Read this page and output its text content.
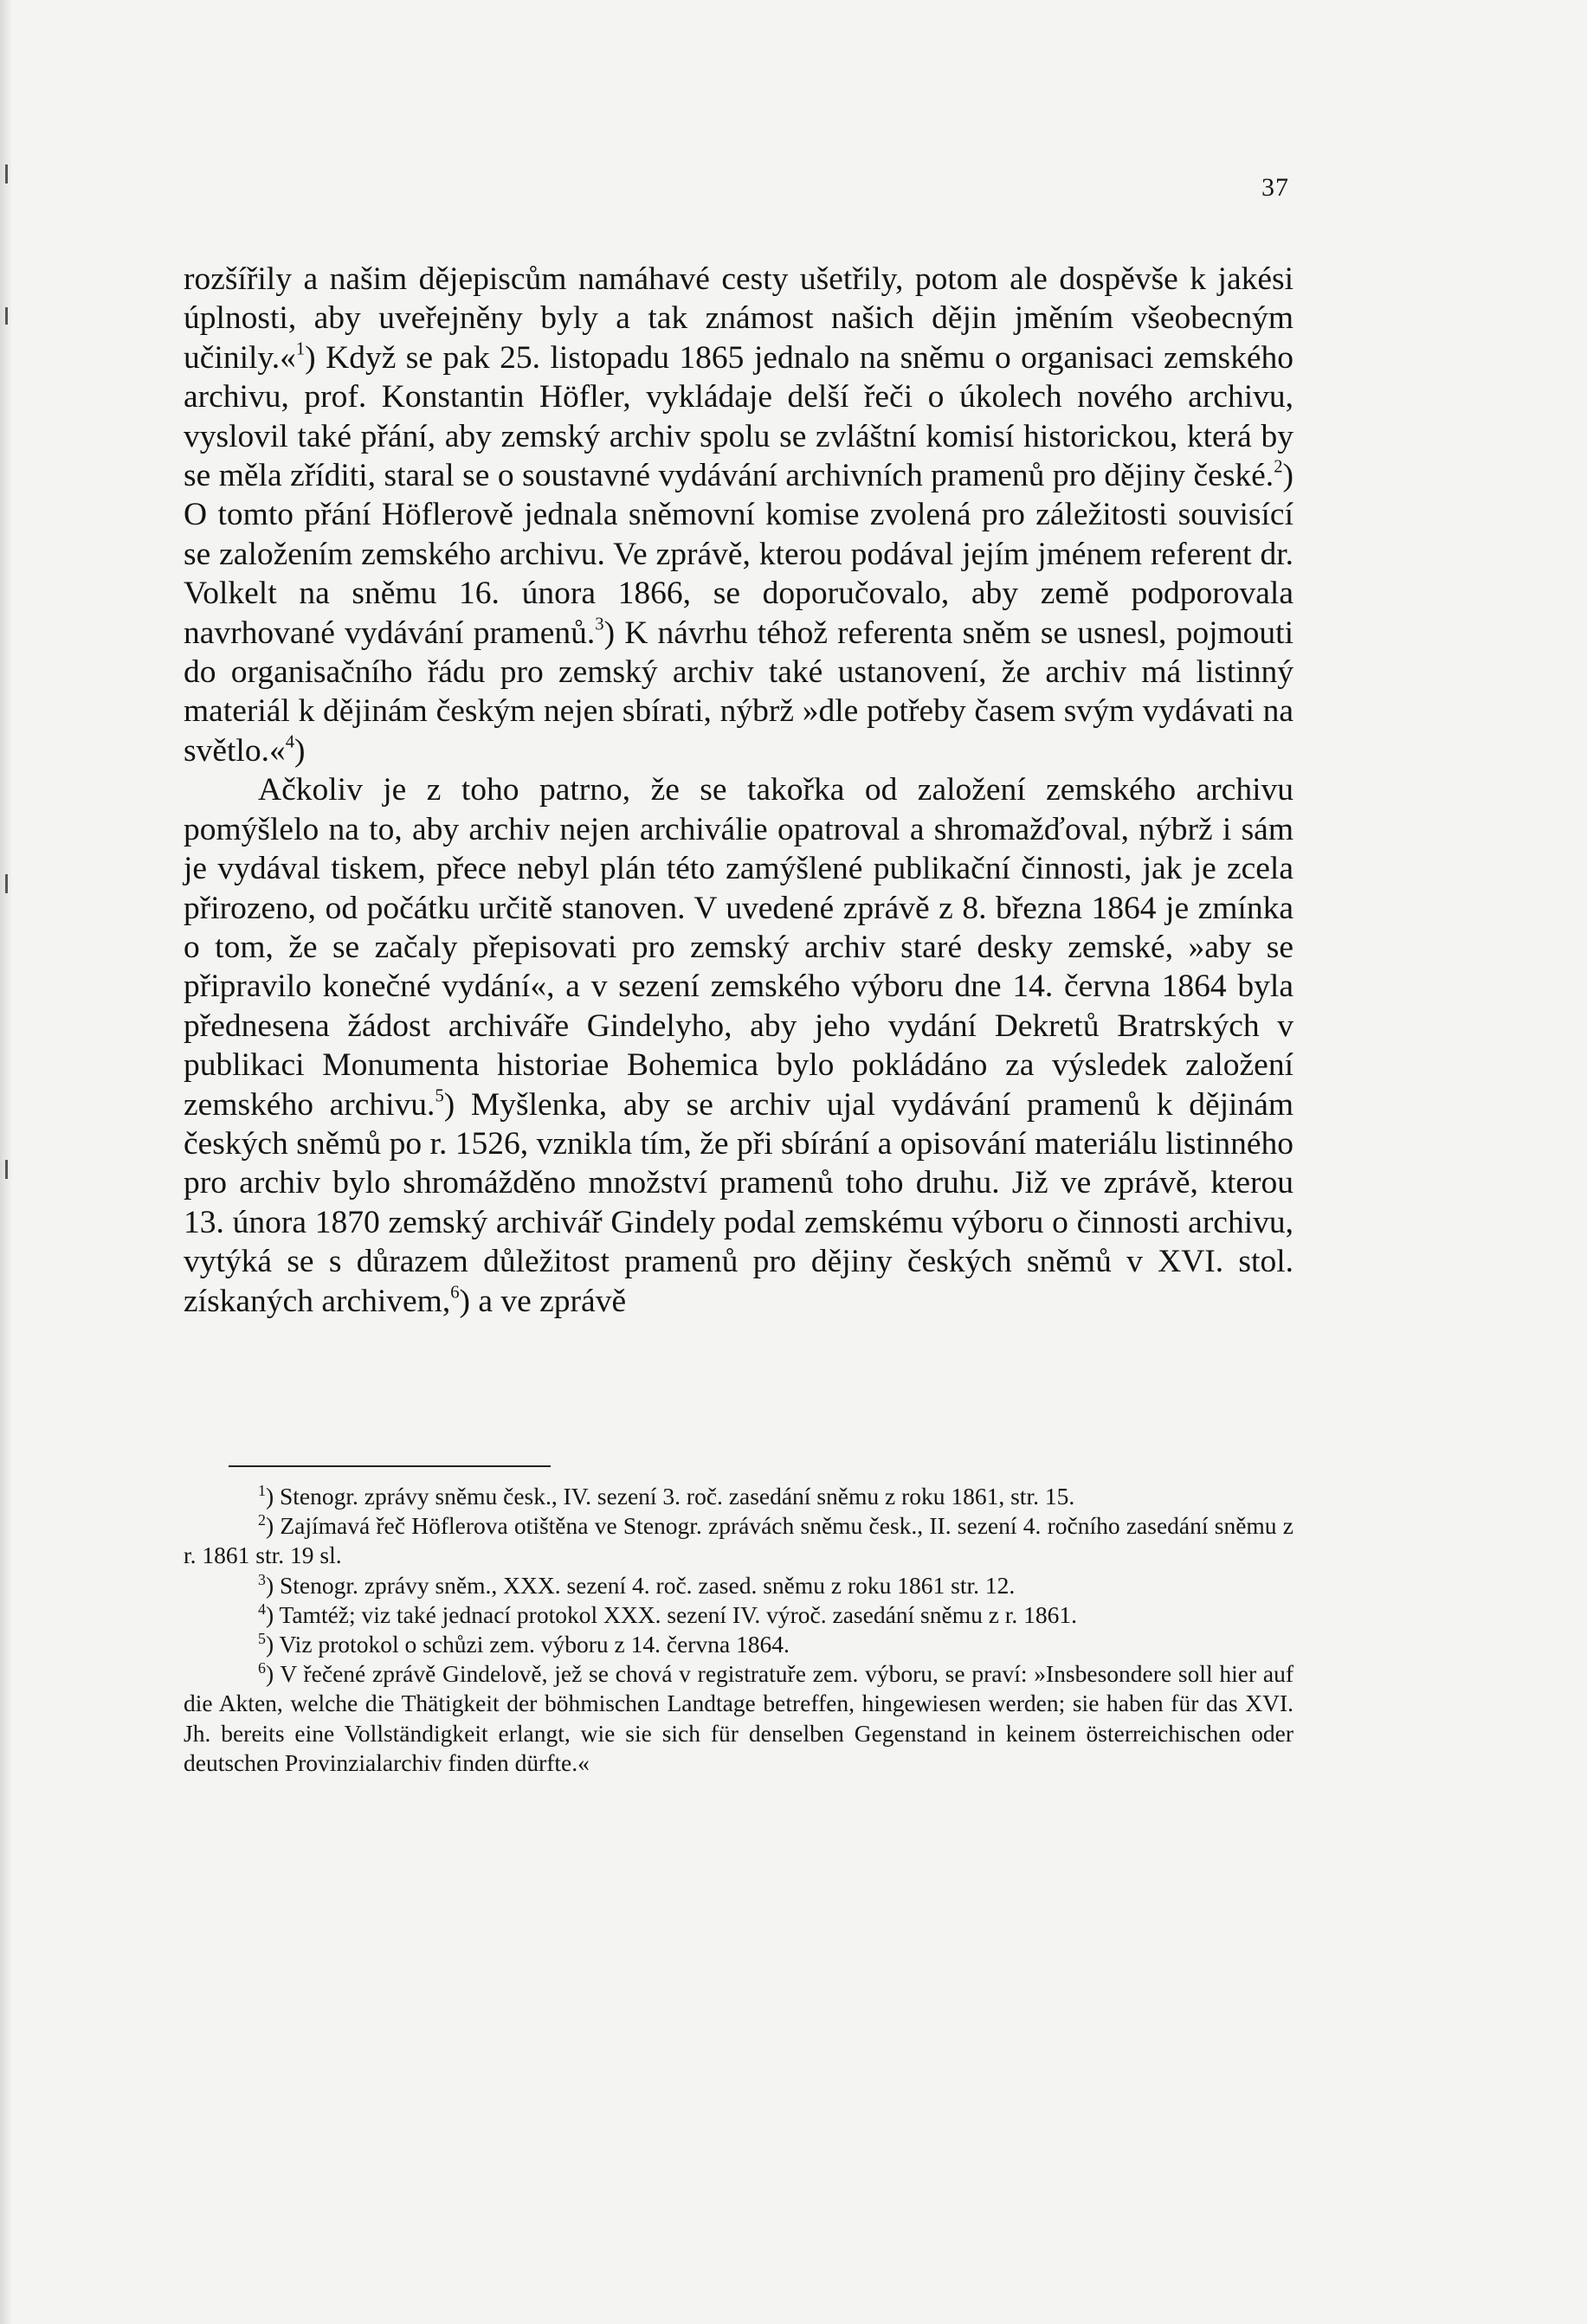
37

rozšířily a našim dějepiscům namáhavé cesty ušetřily, potom ale dospěvše k jakési úplnosti, aby uveřejněny byly a tak známost našich dějin jměním všeobecným učinily.«$^1$) Když se pak 25. listopadu 1865 jednalo na sněmu o organisaci zemského archivu, prof. Konstantin Höfler, vykládaje delší řeči o úkolech nového archivu, vyslovil také přání, aby zemský archiv spolu se zvláštní komisí historickou, která by se měla zříditi, staral se o soustavné vydávání archivních pramenů pro dějiny české.$^2$) O tomto přání Höflerově jednala sněmovní komise zvolená pro záležitosti souvisící se založením zemského archivu. Ve zprávě, kterou podával jejím jménem referent dr. Volkelt na sněmu 16. února 1866, se doporučovalo, aby země podporovala navrhované vydávání pramenů.$^3$) K návrhu téhož referenta sněm se usnesl, pojmouti do organisačního řádu pro zemský archiv také ustanovení, že archiv má listinný materiál k dějinám českým nejen sbírati, nýbrž »dle potřeby časem svým vydávati na světlo.«$^4$)

Ačkoliv je z toho patrno, že se takořka od založení zemského archivu pomýšlelo na to, aby archiv nejen archiválie opatroval a shromažďoval, nýbrž i sám je vydával tiskem, přece nebyl plán této zamýšlené publikační činnosti, jak je zcela přirozeno, od počátku určitě stanoven. V uvedené zprávě z 8. března 1864 je zmínka o tom, že se začaly přepisovati pro zemský archiv staré desky zemské, »aby se připravilo konečné vydání«, a v sezení zemského výboru dne 14. června 1864 byla přednesena žádost archiváře Gindelyho, aby jeho vydání Dekretů Bratrských v publikaci Monumenta historiae Bohemica bylo pokládáno za výsledek založení zemského archivu.$^5$) Myšlenka, aby se archiv ujal vydávání pramenů k dějinám českých sněmů po r. 1526, vznikla tím, že při sbírání a opisování materiálu listinného pro archiv bylo shromážděno množství pramenů toho druhu. Již ve zprávě, kterou 13. února 1870 zemský archivář Gindely podal zemskému výboru o činnosti archivu, vytýká se s důrazem důležitost pramenů pro dějiny českých sněmů v XVI. stol. získaných archivem,$^6$) a ve zprávě

$^1$) Stenogr. zprávy sněmu česk., IV. sezení 3. roč. zasedání sněmu z roku 1861, str. 15.

$^2$) Zajímavá řeč Höflerova otištěna ve Stenogr. zprávách sněmu česk., II. sezení 4. ročního zasedání sněmu z r. 1861 str. 19 sl.

$^3$) Stenogr. zprávy sněm., XXX. sezení 4. roč. zased. sněmu z roku 1861 str. 12.

$^4$) Tamtéž; viz také jednací protokol XXX. sezení IV. výroč. zasedání sněmu z r. 1861.

$^5$) Viz protokol o schůzi zem. výboru z 14. června 1864.

$^6$) V řečené zprávě Gindelově, jež se chová v registratuře zem. výboru, se praví: »Insbesondere soll hier auf die Akten, welche die Thätigkeit der böhmischen Landtage betreffen, hingewiesen werden; sie haben für das XVI. Jh. bereits eine Vollständigkeit erlangt, wie sie sich für denselben Gegenstand in keinem österreichischen oder deutschen Provinzialarchiv finden dürfte.«
